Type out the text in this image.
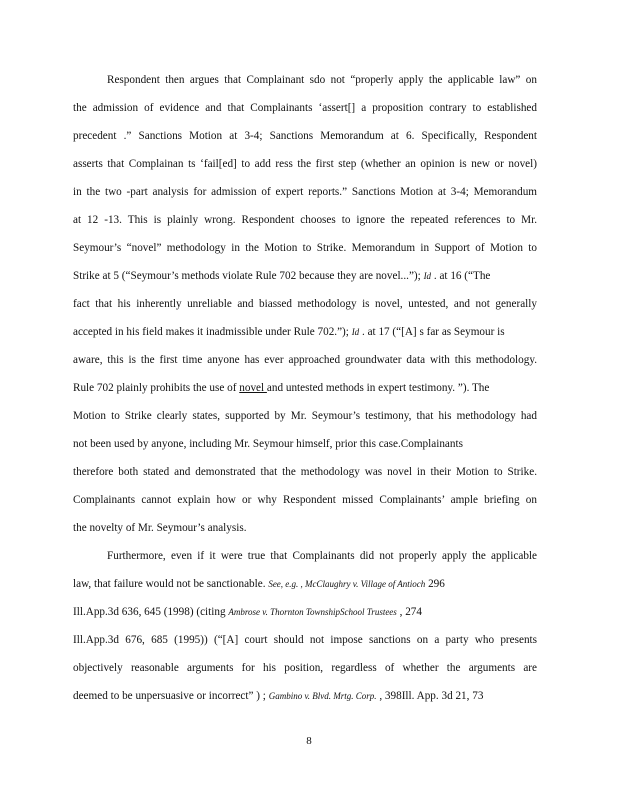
Respondent then argues that Complainant sdo not “properly apply the applicable law” on
the admission of evidence and that Complainants ‘assert[] a proposition contrary to established
precedent .” Sanctions Motion at 3-4; Sanctions Memorandum at 6. Specifically, Respondent
asserts that Complainan ts ‘fail[ed] to add ress the first step (whether an opinion is new or novel)
in the two -part analysis for admission of expert reports.” Sanctions Motion at 3-4; Memorandum
at 12 -13. This is plainly wrong. Respondent chooses to ignore the repeated references to Mr.
Seymour’s “novel” methodology in the Motion to Strike. Memorandum in Support of Motion to
Strike at 5 (“Seymour’s methods violate Rule 702 because they are novel...”); Id . at 16 (“The
fact that his inherently unreliable and biassed methodology is novel, untested, and not generally
accepted in his field makes it inadmissible under Rule 702.”); Id . at 17 (“[A] s far as Seymour is
aware, this is the first time anyone has ever approached groundwater data with this methodology.
Rule 702 plainly prohibits the use of novel and untested methods in expert testimony. ”). The
Motion to Strike clearly states, supported by Mr. Seymour’s testimony, that his methodology had
not been used by anyone, including Mr. Seymour himself, prior this case.Complainants
therefore both stated and demonstrated that the methodology was novel in their Motion to Strike.
Complainants cannot explain how or why Respondent missed Complainants’ ample briefing on
the novelty of Mr. Seymour’s analysis.
Furthermore, even if it were true that Complainants did not properly apply the applicable
law, that failure would not be sanctionable. See, e.g. , McClaughry v. Village of Antioch 296
Ill.App.3d 636, 645 (1998) (citing Ambrose v. Thornton TownshipSchool Trustees , 274
Ill.App.3d 676, 685 (1995)) (“[A] court should not impose sanctions on a party who presents
objectively reasonable arguments for his position, regardless of whether the arguments are
deemed to be unpersuasive or incorrect” ) ; Gambino v. Blvd. Mrtg. Corp. , 398Ill. App. 3d 21, 73
8
